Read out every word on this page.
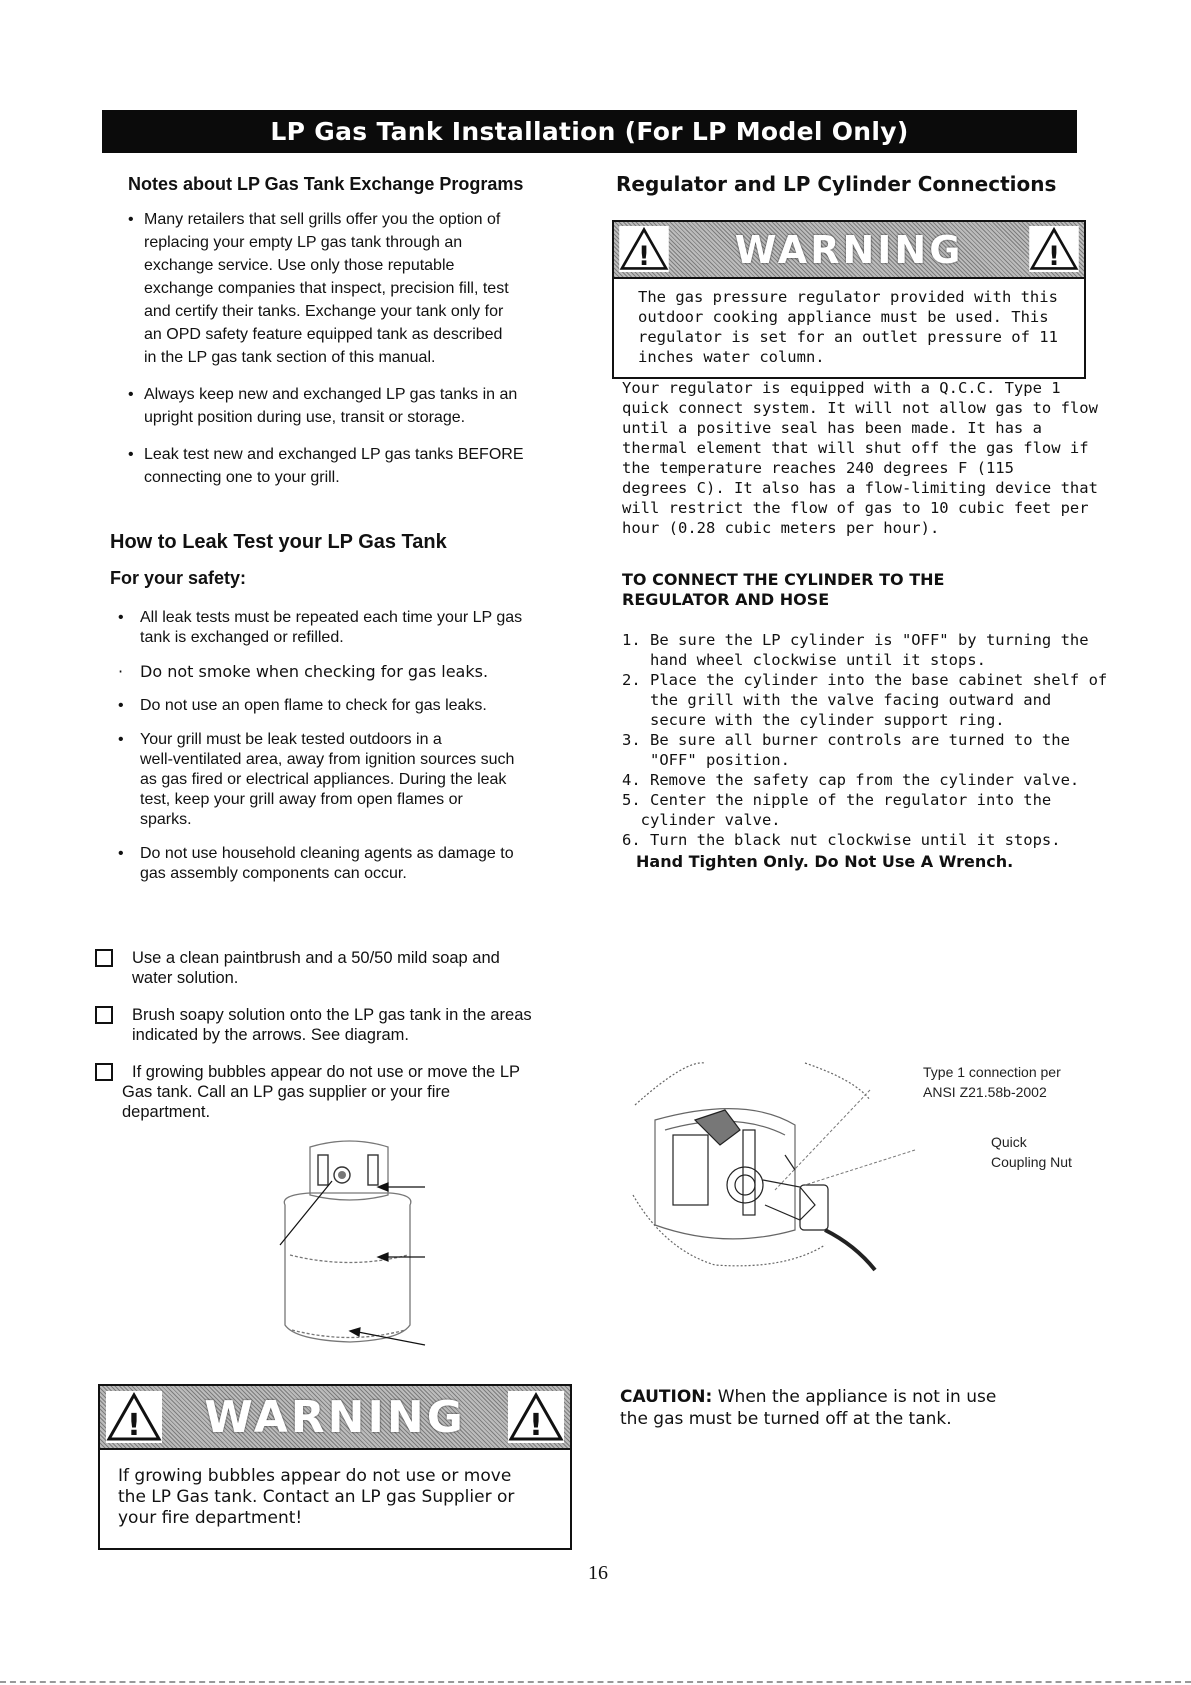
LP Gas Tank Installation (For LP Model Only)
Notes about LP Gas Tank Exchange Programs
• Many retailers that sell grills offer you the option of
replacing your empty LP gas tank through an
exchange service. Use only those reputable
exchange companies that inspect, precision fill, test
and certify their tanks. Exchange your tank only for
an OPD safety feature equipped tank as described
in the LP gas tank section of this manual.
• Always keep new and exchanged LP gas tanks in an
upright position during use, transit or storage.
• Leak test new and exchanged LP gas tanks BEFORE
connecting one to your grill.
How to Leak Test your LP Gas Tank
For your safety:
• All leak tests must be repeated each time your LP gas
tank is exchanged or refilled.
· Do not smoke when checking for gas leaks.
• Do not use an open flame to check for gas leaks.
• Your grill must be leak tested outdoors in a
well-ventilated area, away from ignition sources such
as gas fired or electrical appliances. During the leak
test, keep your grill away from open flames or
sparks.
• Do not use household cleaning agents as damage to
gas assembly components can occur.
Use a clean paintbrush and a 50/50 mild soap and
water solution.
Brush soapy solution onto the LP gas tank in the areas
indicated by the arrows. See diagram.
If growing bubbles appear do not use or move the LP
Gas tank. Call an LP gas supplier or your fire
department.
! WARNING !
If growing bubbles appear do not use or move
the LP Gas tank. Contact an LP gas Supplier or
your fire department!
Regulator and LP Cylinder Connections
! WARNING	!
The gas pressure regulator provided with this
outdoor cooking appliance must be used. This
regulator is set for an outlet pressure of 11
inches water column.
Your regulator is equipped with a Q.C.C. Type 1
quick connect system. It will not allow gas to flow
until a positive seal has been made. It has a
thermal element that will shut off the gas flow if
the temperature reaches 240 degrees F (115
degrees C). It also has a flow-limiting device that
will restrict the flow of gas to 10 cubic feet per
hour (0.28 cubic meters per hour).
TO CONNECT THE CYLINDER TO THE
REGULATOR AND HOSE
1. Be sure the LP cylinder is "OFF" by turning the
hand wheel clockwise until it stops.
2. Place the cylinder into the base cabinet shelf of
the grill with the valve facing outward and
secure with the cylinder support ring.
3. Be sure all burner controls are turned to the
"OFF" position.
4. Remove the safety cap from the cylinder valve.
5. Center the nipple of the regulator into the
cylinder valve.
6. Turn the black nut clockwise until it stops.
Hand Tighten Only. Do Not Use A Wrench.
Type 1 connection per
ANSI Z21.58b-2002
Quick
Coupling Nut
CAUTION: When the appliance is not in use
the gas must be turned off at the tank.
16
